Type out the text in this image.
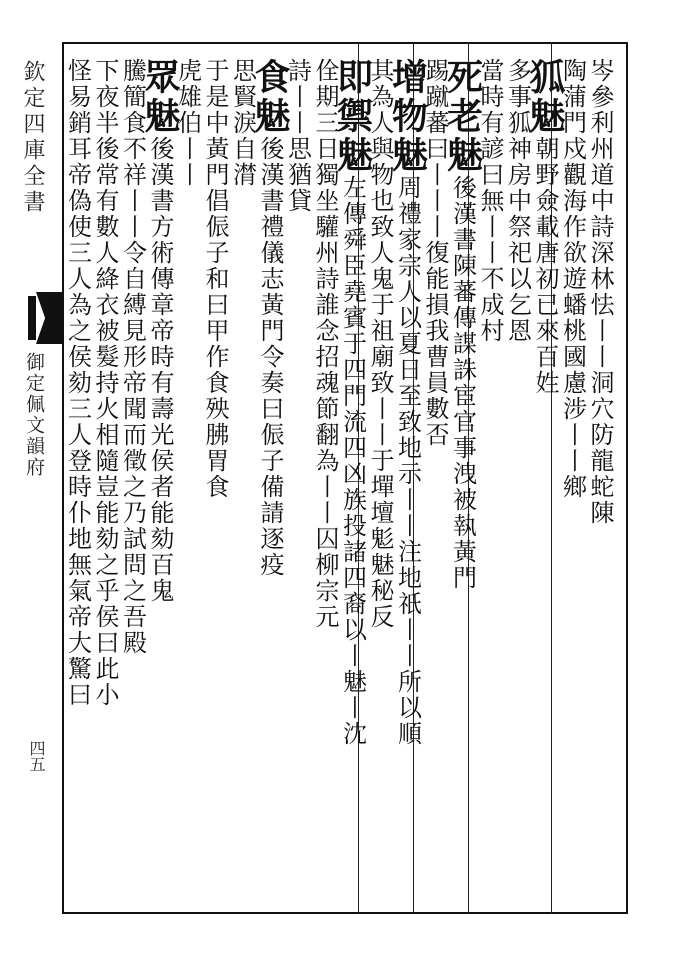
欽定四庫全書
御定佩文韻府
四五
岑參利州道中詩深林怯丨丨洞穴防龍蛇陳
陶蒲門戍觀海作欲遊蟠桃國慮涉丨丨鄉
狐魅朝野僉載唐初已來百姓
多事狐神房中祭祀以乞恩
當時有諺曰無丨丨不成村
死老魅後漢書陳蕃傳謀誅宦官事洩被執黃門
踢蹴蕃曰丨丨丨復能損我曹員數否
增物魅周禮家宗人以夏日至致地示丨丨注地祇丨丨所以順
其為人與物也致人鬼于祖廟致丨丨于墠壇鬽魅秘反
即禦魅左傳舜臣堯賓于四門流四凶族投諸四裔以丨魅丨沈
佺期三日獨坐驩州詩誰念招魂節翻為丨丨囚柳宗元
詩丨丨思猶貸
食魅後漢書禮儀志黃門令奏曰侲子備請逐疫
思賢淚自潸
于是中黃門倡侲子和曰甲作食殃胇胃食
虎雄伯丨丨
眾魅後漢書方術傳章帝時有壽光侯者能劾百鬼
騰簡食不祥丨丨令自縛見形帝聞而徵之乃試問之吾殿
下夜半後常有數人絳衣被髮持火相隨豈能劾之乎侯曰此小
怪易銷耳帝偽使三人為之侯劾三人登時仆地無氣帝大驚曰
